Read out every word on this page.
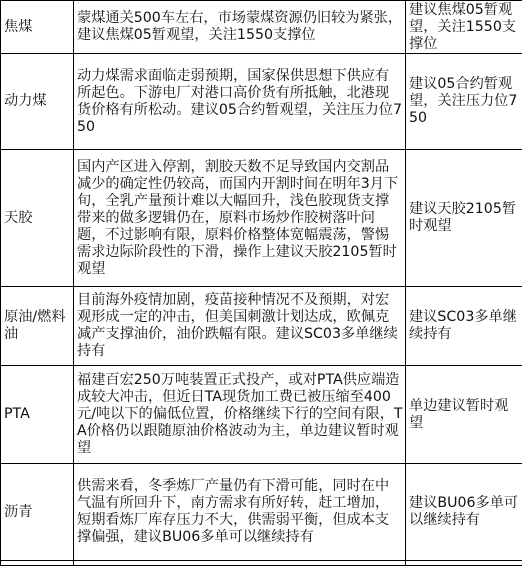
焦煤	蒙煤通关500车左右，市场蒙煤资源仍旧较为紧张，建议焦煤05暂观望，关注1550支撑位	建议焦煤05暂观望，关注1550支撑位
动力煤	动力煤需求面临走弱预期，国家保供思想下供应有所起色。下游电厂对港口高价货有所抵触，北港现货价格有所松动。建议05合约暂观望，关注压力位750	建议05合约暂观望，关注压力位750
天胶	国内产区进入停割，割胶天数不足导致国内交割品减少的确定性仍较高，而国内开割时间在明年3月下旬，全乳产量预计难以大幅回升，浅色胶现货支撑带来的做多逻辑仍在，原料市场炒作胶树落叶问题，不过影响有限，原料价格整体宽幅震荡，警惕需求边际阶段性的下滑，操作上建议天胶2105暂时观望	建议天胶2105暂时观望
原油/燃料油	目前海外疫情加剧，疫苗接种情况不及预期，对宏观形成一定的冲击，但美国刺激计划达成，欧佩克减产支撑油价，油价跌幅有限。建议SC03多单继续持有	建议SC03多单继续持有
PTA	福建百宏250万吨装置正式投产，或对PTA供应端造成较大冲击，但近日TA现货加工费已被压缩至400元/吨以下的偏低位置，价格继续下行的空间有限，TA价格仍以跟随原油价格波动为主，单边建议暂时观望	单边建议暂时观望
沥青	供需来看，冬季炼厂产量仍有下滑可能，同时在中气温有所回升下，南方需求有所好转，赶工增加，短期看炼厂库存压力不大，供需弱平衡，但成本支撑偏强，建议BU06多单可以继续持有	建议BU06多单可以继续持有
